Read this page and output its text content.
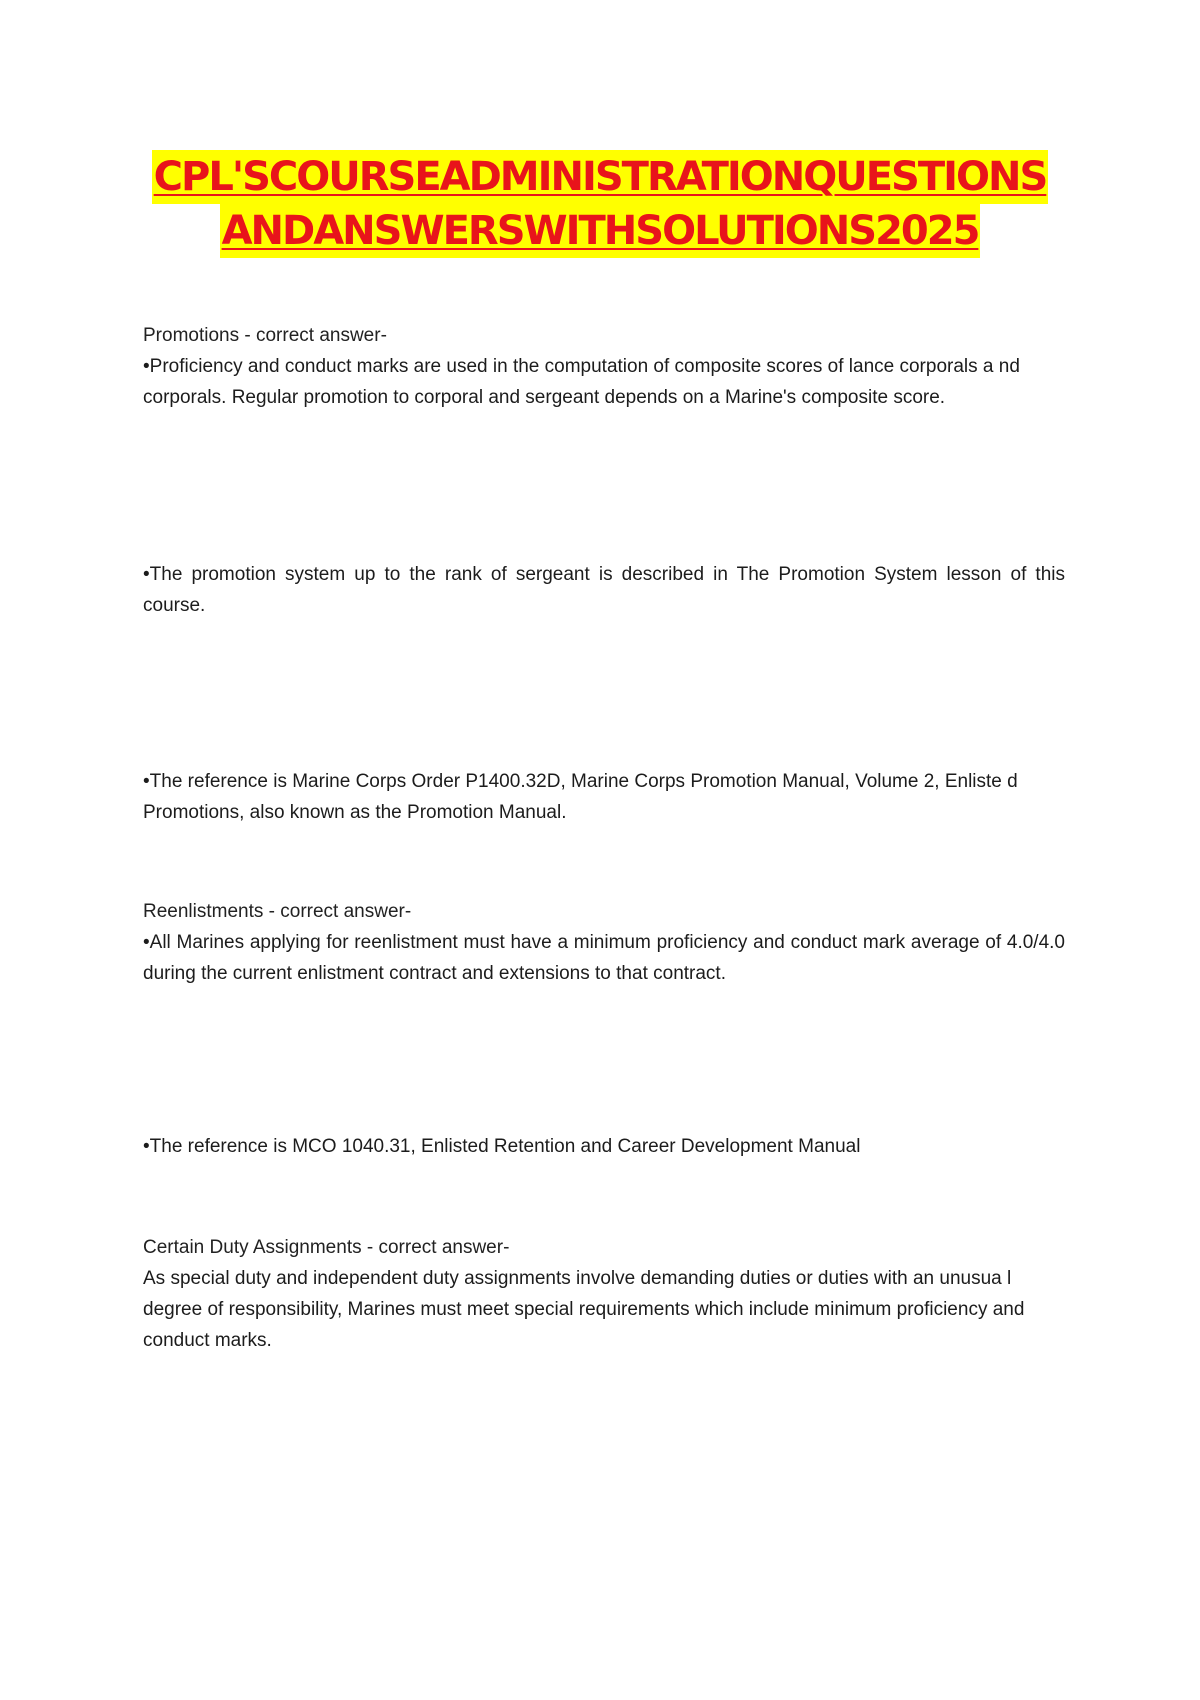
CPL'SCOURSEADMINISTRATIONQUESTIONS
ANDANSWERSWITHSOLUTIONS2025

Promotions - correct answer-

•Proficiency and conduct marks are used in the computation of composite scores of lance corporals a nd corporals. Regular promotion to corporal and sergeant depends on a Marine's composite score.

•The promotion system up to the rank of sergeant is described in The Promotion System lesson of this course.

•The reference is Marine Corps Order P1400.32D, Marine Corps Promotion Manual, Volume 2, Enliste d Promotions, also known as the Promotion Manual.

Reenlistments - correct answer-

•All Marines applying for reenlistment must have a minimum proficiency and conduct mark average of 4.0/4.0 during the current enlistment contract and extensions to that contract.

•The reference is MCO 1040.31, Enlisted Retention and Career Development Manual

Certain Duty Assignments - correct answer-

As special duty and independent duty assignments involve demanding duties or duties with an unusua l degree of responsibility, Marines must meet special requirements which include minimum proficiency and conduct marks.
